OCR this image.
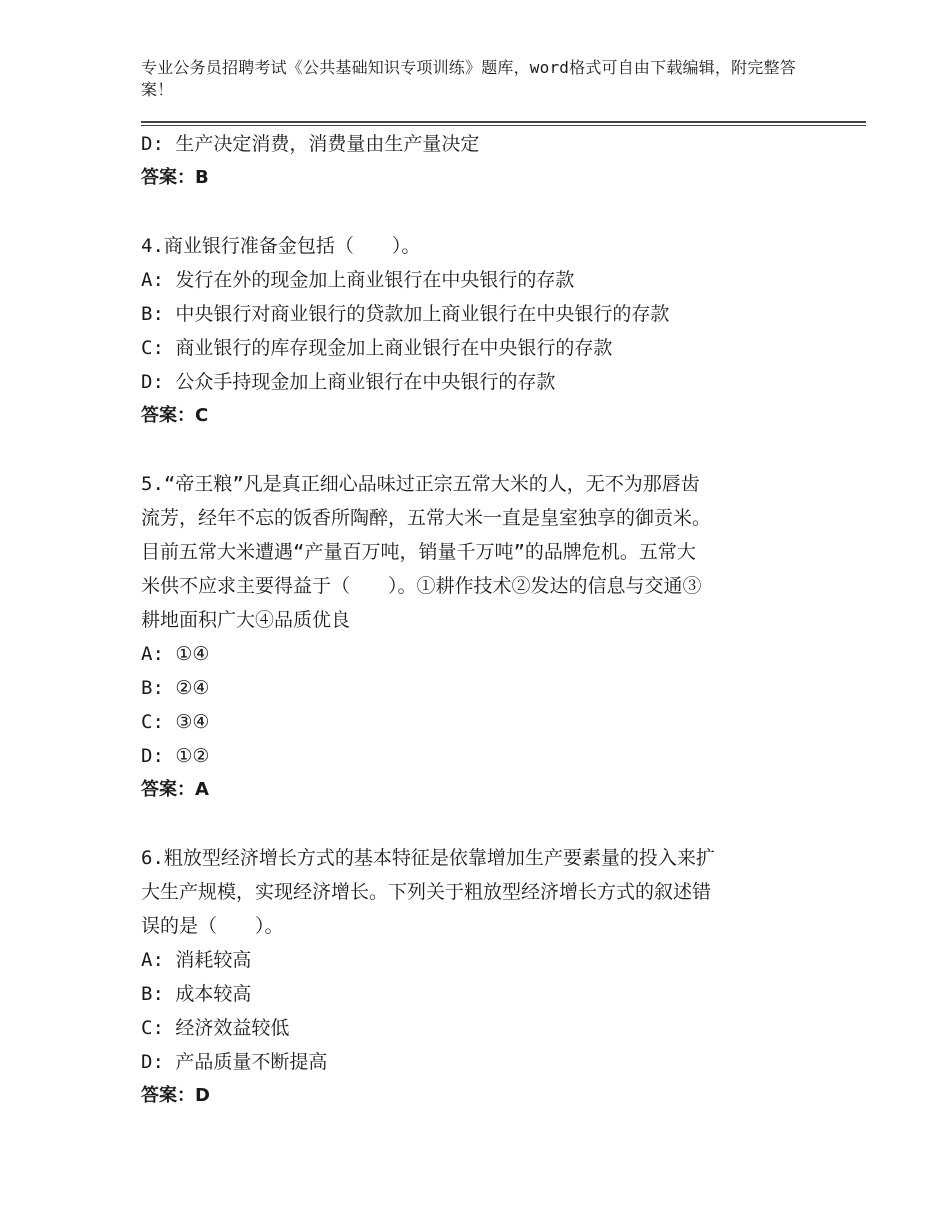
专业公务员招聘考试《公共基础知识专项训练》题库，word格式可自由下载编辑，附完整答案！
D: 生产决定消费，消费量由生产量决定
答案：B
4.商业银行准备金包括（　　）。
A: 发行在外的现金加上商业银行在中央银行的存款
B: 中央银行对商业银行的贷款加上商业银行在中央银行的存款
C: 商业银行的库存现金加上商业银行在中央银行的存款
D: 公众手持现金加上商业银行在中央银行的存款
答案：C
5.“帝王粮”凡是真正细心品味过正宗五常大米的人，无不为那唇齿
流芳，经年不忘的饭香所陶醉，五常大米一直是皇室独享的御贡米。
目前五常大米遭遇“产量百万吨，销量千万吨”的品牌危机。五常大
米供不应求主要得益于（　　）。①耕作技术②发达的信息与交通③
耕地面积广大④品质优良
A: ①④
B: ②④
C: ③④
D: ①②
答案：A
6.粗放型经济增长方式的基本特征是依靠增加生产要素量的投入来扩
大生产规模，实现经济增长。下列关于粗放型经济增长方式的叙述错
误的是（　　）。
A: 消耗较高
B: 成本较高
C: 经济效益较低
D: 产品质量不断提高
答案：D
